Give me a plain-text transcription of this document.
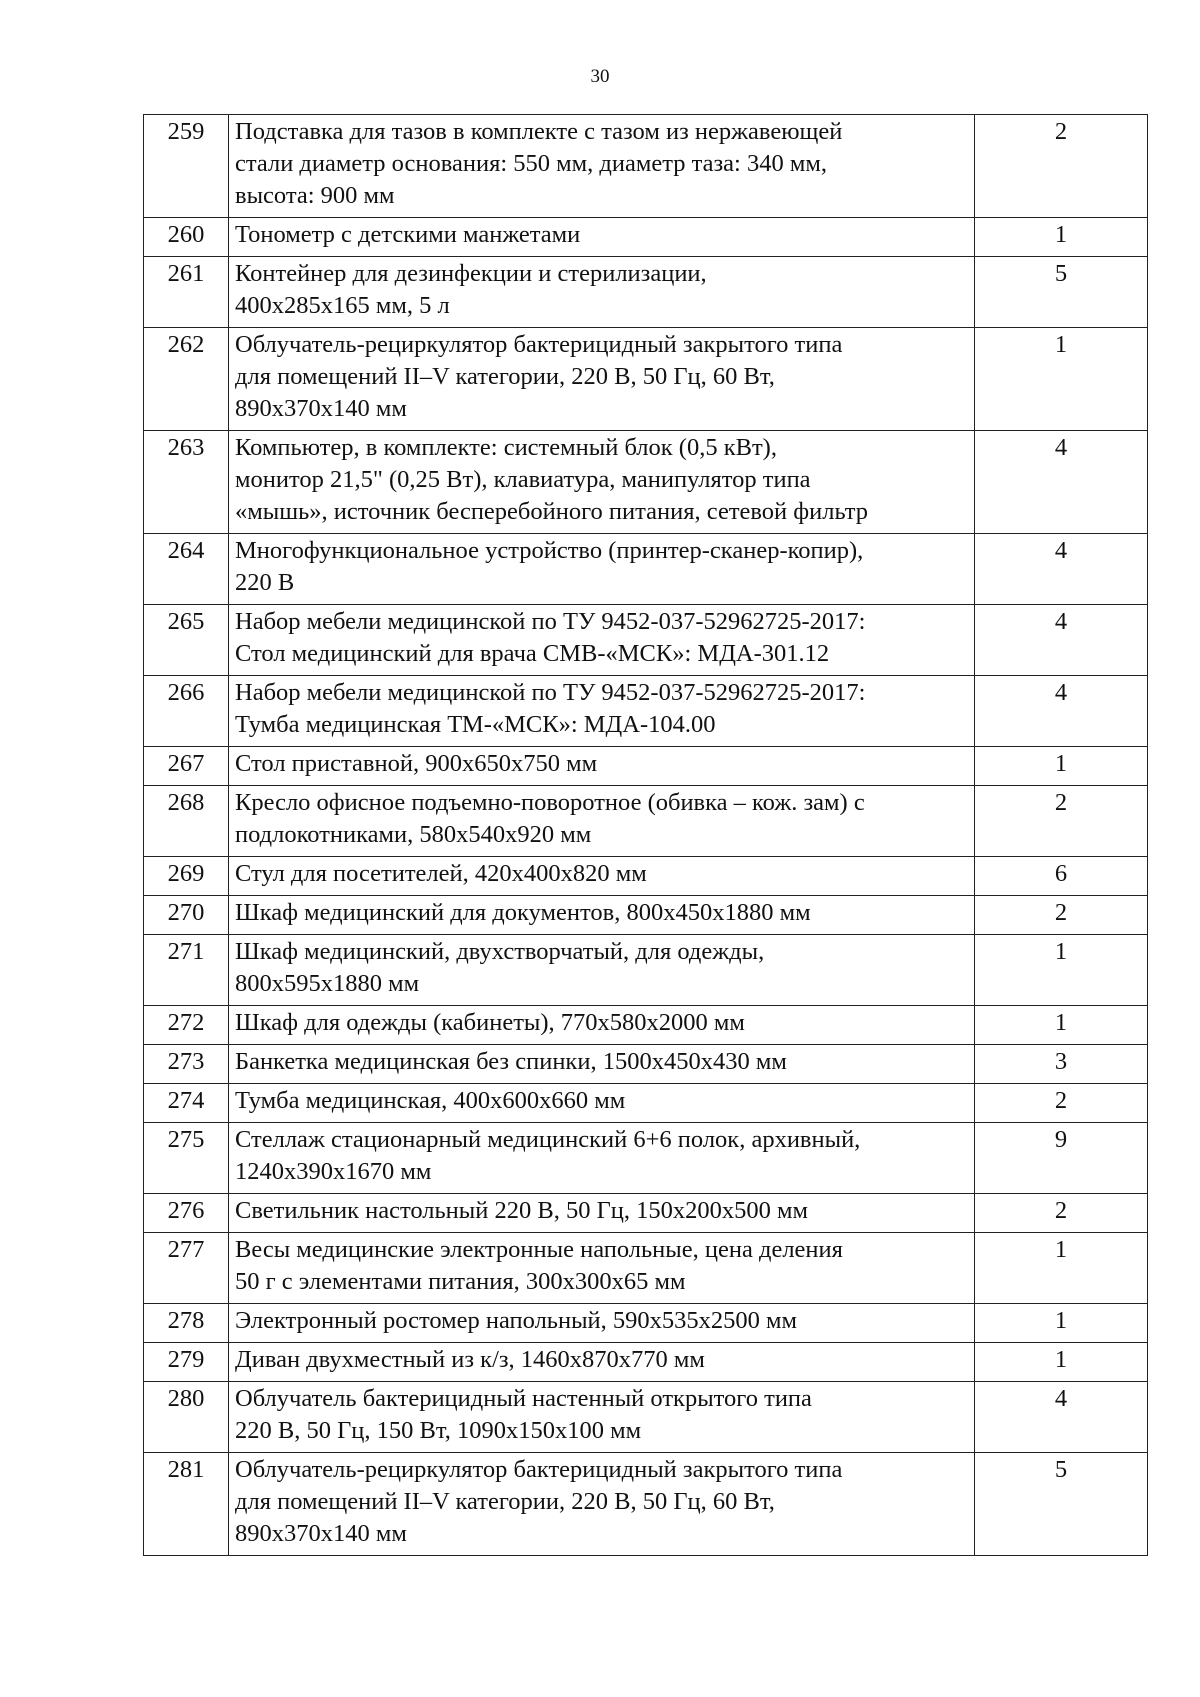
30
259	Подставка для тазов в комплекте с тазом из нержавеющей
стали диаметр основания: 550 мм, диаметр таза: 340 мм,
высота: 900 мм	2
260	Тонометр с детскими манжетами	1
261	Контейнер для дезинфекции и стерилизации,
400x285x165 мм, 5 л	5
262	Облучатель-рециркулятор бактерицидный закрытого типа
для помещений II–V категории, 220 В, 50 Гц, 60 Вт,
890x370x140 мм	1
263	Компьютер, в комплекте: системный блок (0,5 кВт),
монитор 21,5" (0,25 Вт), клавиатура, манипулятор типа
«мышь», источник бесперебойного питания, сетевой фильтр	4
264	Многофункциональное устройство (принтер-сканер-копир),
220 В	4
265	Набор мебели медицинской по ТУ 9452-037-52962725-2017:
Стол медицинский для врача СМВ-«МСК»: МДА-301.12	4
266	Набор мебели медицинской по ТУ 9452-037-52962725-2017:
Тумба медицинская ТМ-«МСК»: МДА-104.00	4
267	Стол приставной, 900x650x750 мм	1
268	Кресло офисное подъемно-поворотное (обивка – кож. зам) с
подлокотниками, 580x540x920 мм	2
269	Стул для посетителей, 420x400x820 мм	6
270	Шкаф медицинский для документов, 800x450x1880 мм	2
271	Шкаф медицинский, двухстворчатый, для одежды,
800x595x1880 мм	1
272	Шкаф для одежды (кабинеты), 770x580x2000 мм	1
273	Банкетка медицинская без спинки, 1500x450x430 мм	3
274	Тумба медицинская, 400x600x660 мм	2
275	Стеллаж стационарный медицинский 6+6 полок, архивный,
1240x390x1670 мм	9
276	Светильник настольный 220 В, 50 Гц, 150x200x500 мм	2
277	Весы медицинские электронные напольные, цена деления
50 г с элементами питания, 300x300x65 мм	1
278	Электронный ростомер напольный, 590x535x2500 мм	1
279	Диван двухместный из к/з, 1460x870x770 мм	1
280	Облучатель бактерицидный настенный открытого типа
220 В, 50 Гц, 150 Вт, 1090x150x100 мм	4
281	Облучатель-рециркулятор бактерицидный закрытого типа
для помещений II–V категории, 220 В, 50 Гц, 60 Вт,
890x370x140 мм	5
